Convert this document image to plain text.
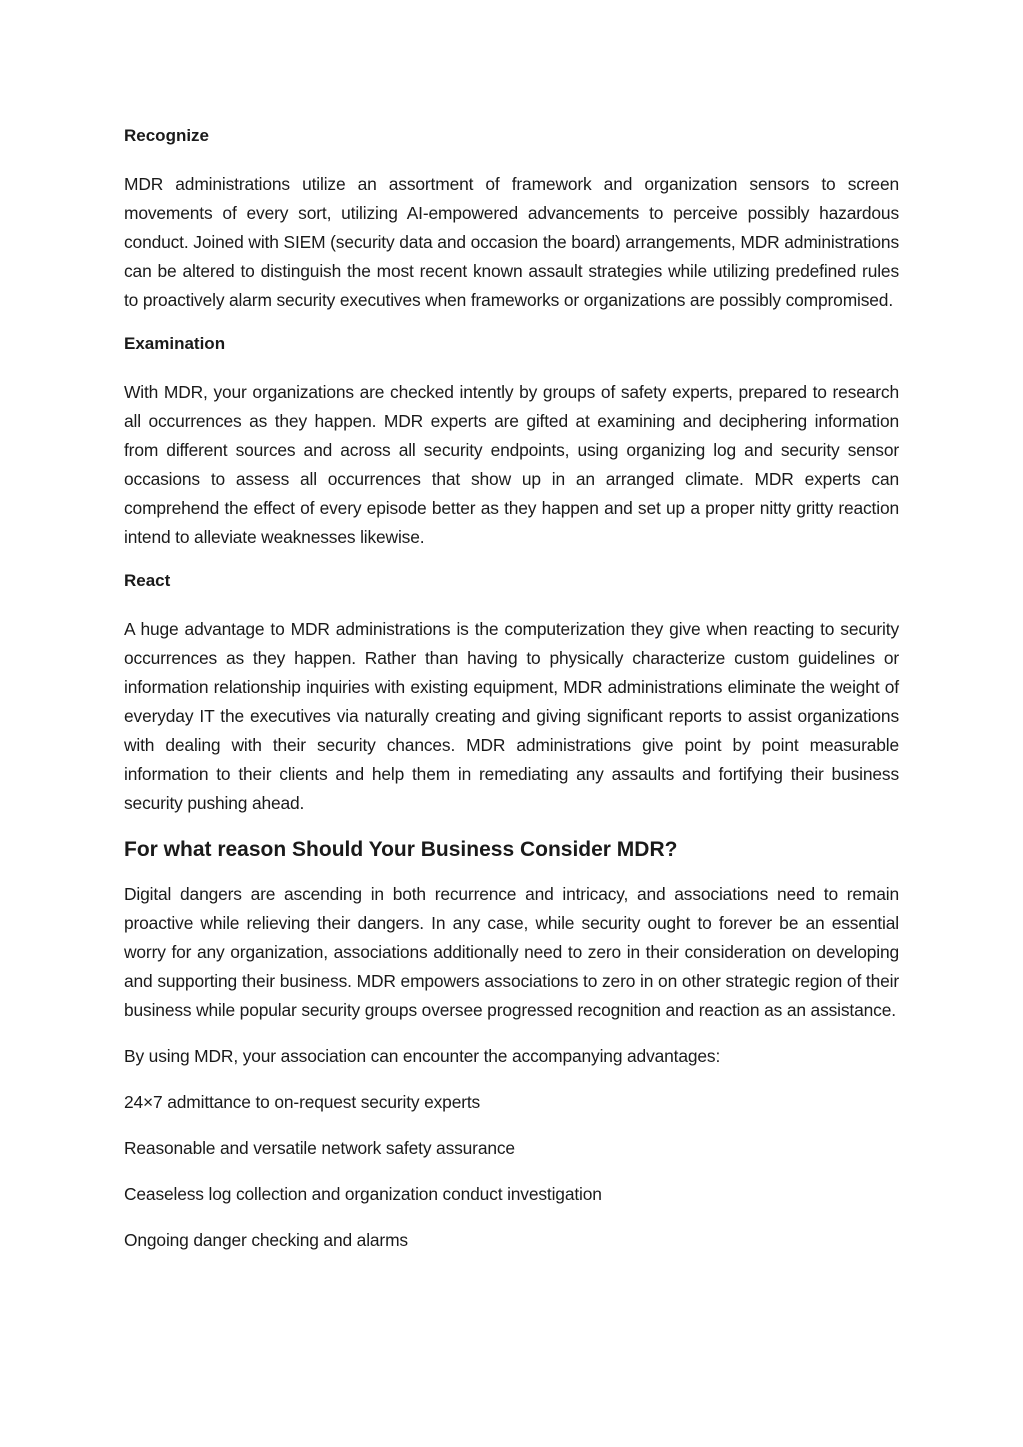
Recognize

MDR administrations utilize an assortment of framework and organization sensors to screen movements of every sort, utilizing AI-empowered advancements to perceive possibly hazardous conduct. Joined with SIEM (security data and occasion the board) arrangements, MDR administrations can be altered to distinguish the most recent known assault strategies while utilizing predefined rules to proactively alarm security executives when frameworks or organizations are possibly compromised.

Examination

With MDR, your organizations are checked intently by groups of safety experts, prepared to research all occurrences as they happen. MDR experts are gifted at examining and deciphering information from different sources and across all security endpoints, using organizing log and security sensor occasions to assess all occurrences that show up in an arranged climate. MDR experts can comprehend the effect of every episode better as they happen and set up a proper nitty gritty reaction intend to alleviate weaknesses likewise.

React

A huge advantage to MDR administrations is the computerization they give when reacting to security occurrences as they happen. Rather than having to physically characterize custom guidelines or information relationship inquiries with existing equipment, MDR administrations eliminate the weight of everyday IT the executives via naturally creating and giving significant reports to assist organizations with dealing with their security chances. MDR administrations give point by point measurable information to their clients and help them in remediating any assaults and fortifying their business security pushing ahead.

For what reason Should Your Business Consider MDR?

Digital dangers are ascending in both recurrence and intricacy, and associations need to remain proactive while relieving their dangers. In any case, while security ought to forever be an essential worry for any organization, associations additionally need to zero in their consideration on developing and supporting their business. MDR empowers associations to zero in on other strategic region of their business while popular security groups oversee progressed recognition and reaction as an assistance.

By using MDR, your association can encounter the accompanying advantages:

24×7 admittance to on-request security experts

Reasonable and versatile network safety assurance

Ceaseless log collection and organization conduct investigation

Ongoing danger checking and alarms
